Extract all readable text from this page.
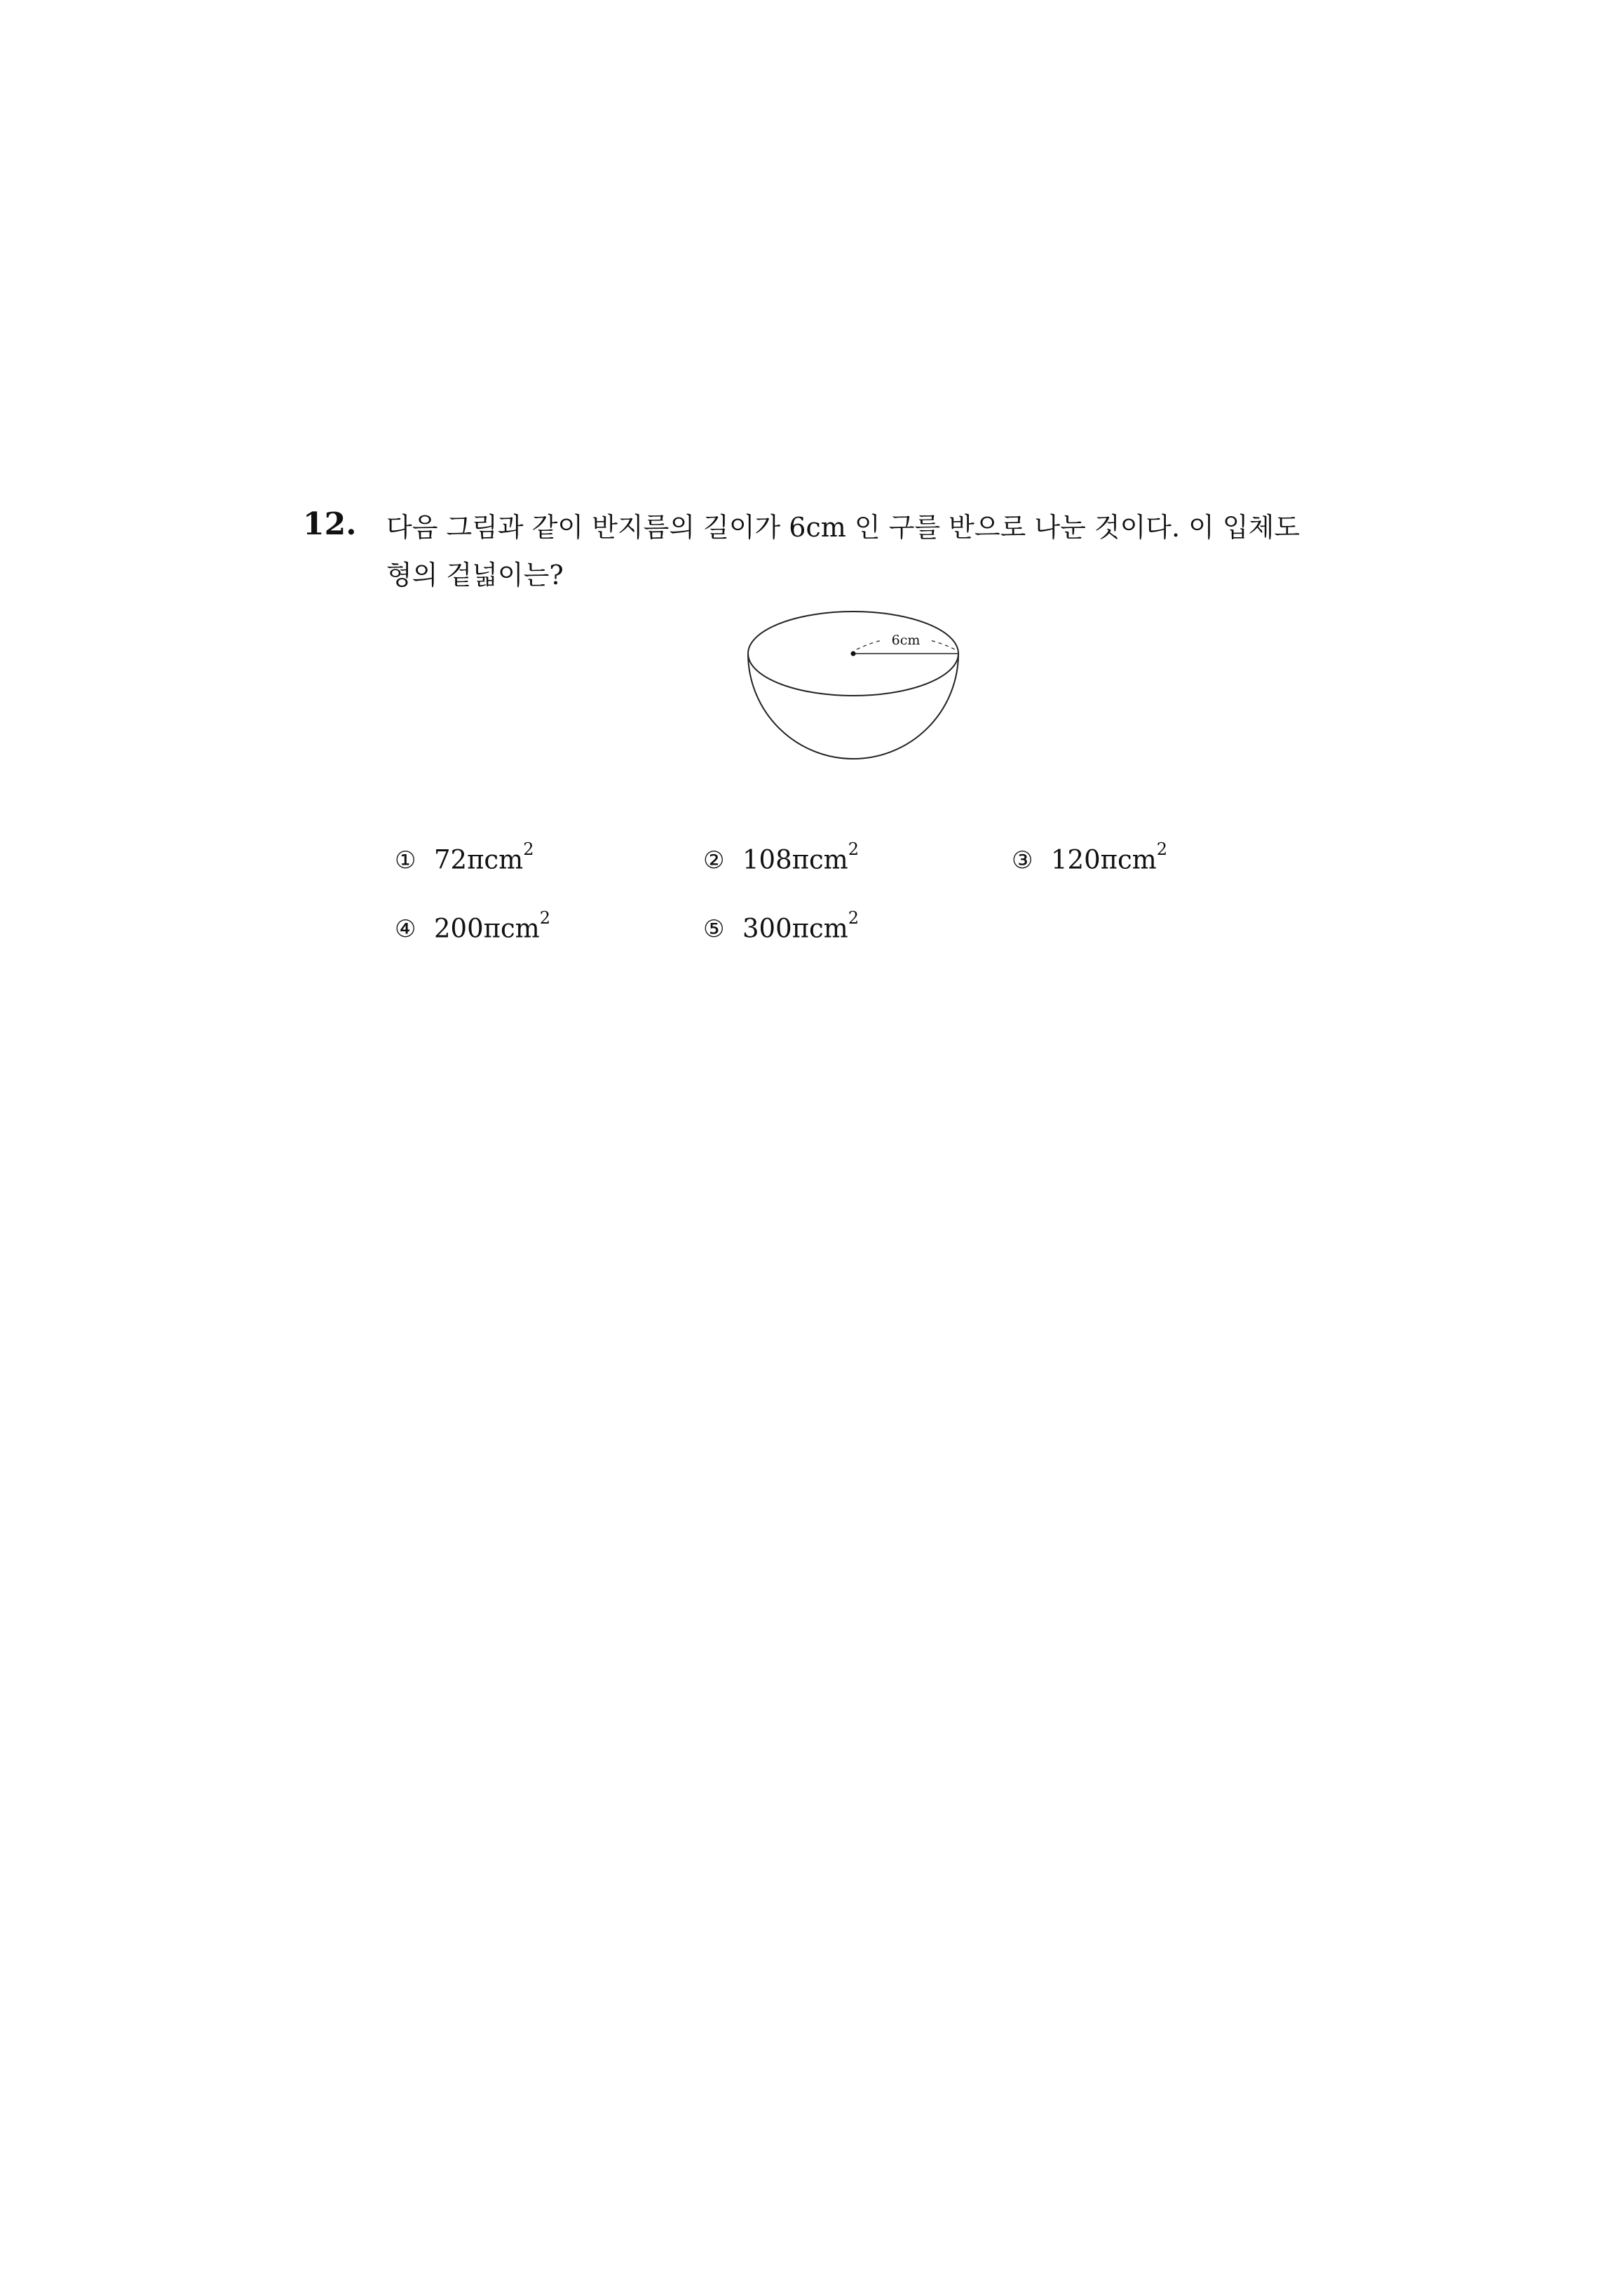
12. 다음 그림과 같이 반지름의 길이가 6cm 인 구를 반으로 나눈 것이다. 이 입체도
형의 겉넓이는?
6cm
① 72πcm$^2$	② 108πcm$^2$	③ 120πcm$^2$
④ 200πcm$^2$	⑤ 300πcm$^2$
